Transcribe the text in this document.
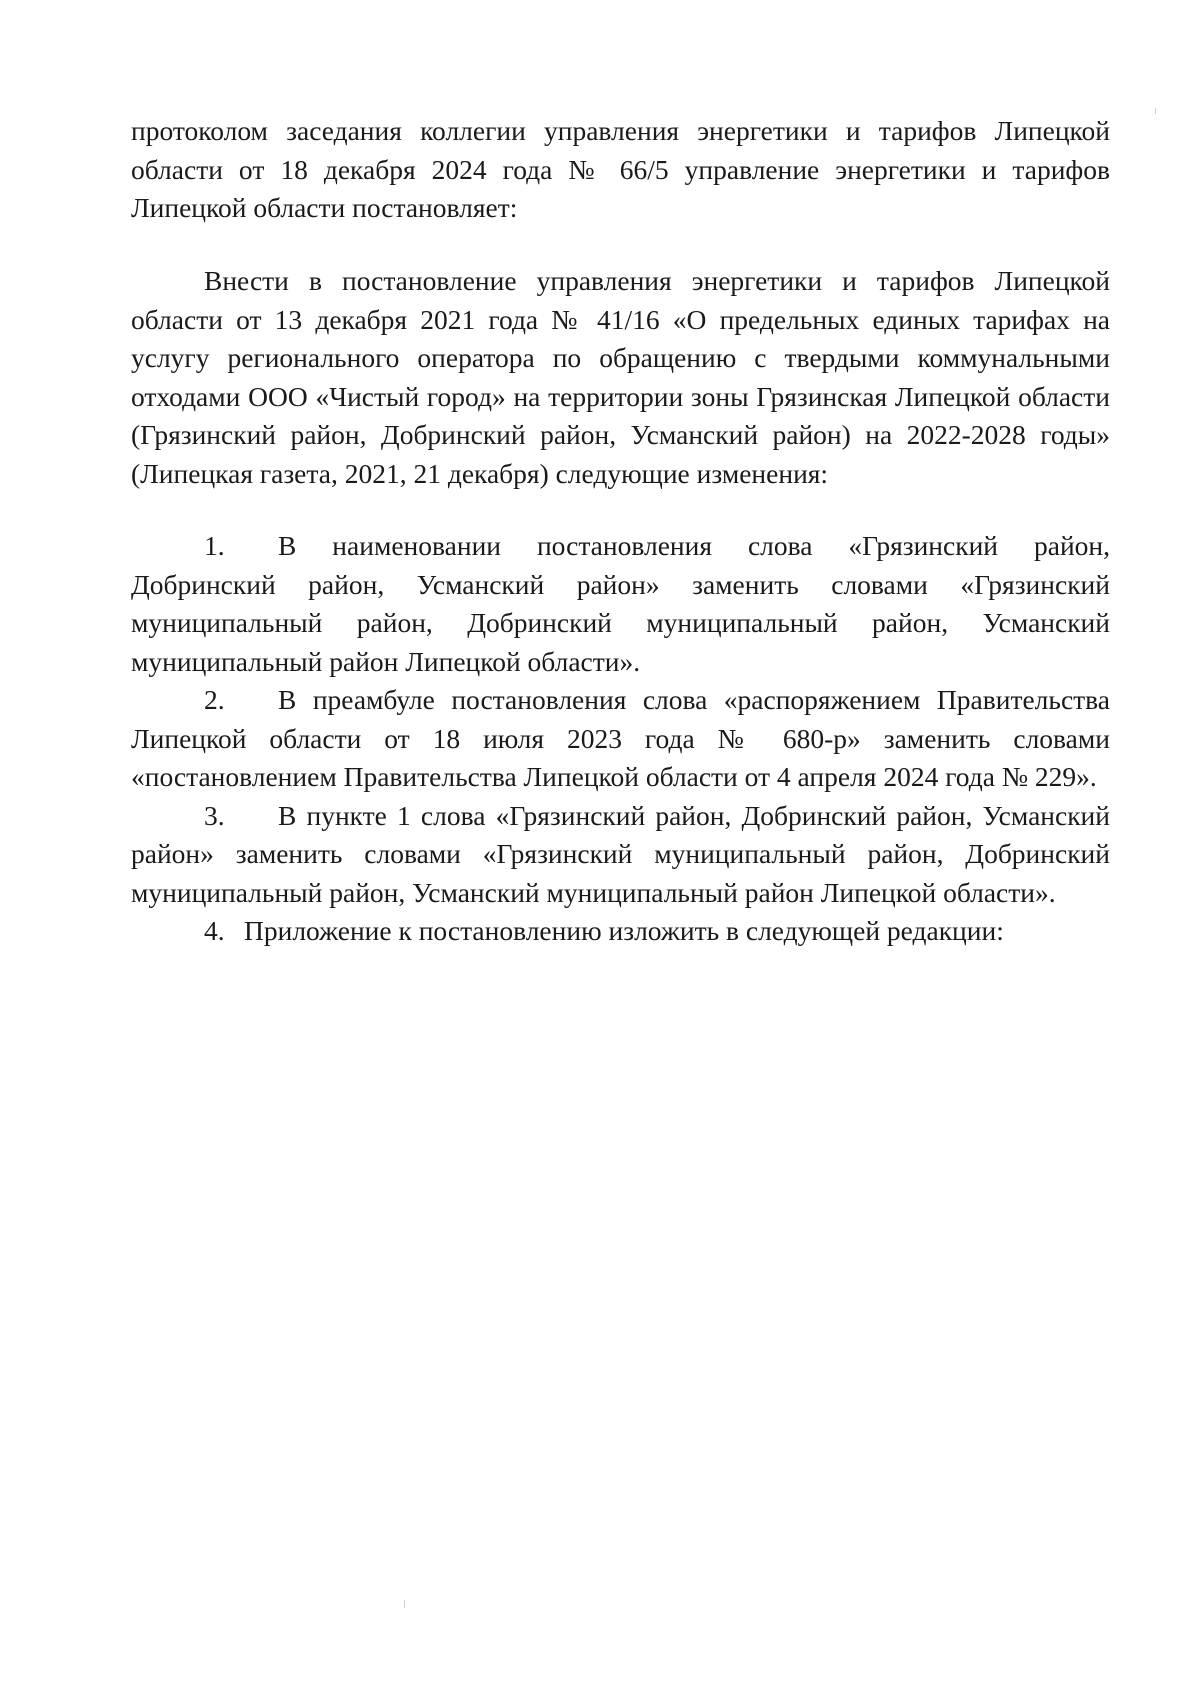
протоколом заседания коллегии управления энергетики и тарифов Липецкой области от 18 декабря 2024 года № 66/5 управление энергетики и тарифов Липецкой области постановляет:

Внести в постановление управления энергетики и тарифов Липецкой области от 13 декабря 2021 года № 41/16 «О предельных единых тарифах на услугу регионального оператора по обращению с твердыми коммунальными отходами ООО «Чистый город» на территории зоны Грязинская Липецкой области (Грязинский район, Добринский район, Усманский район) на 2022-2028 годы» (Липецкая газета, 2021, 21 декабря) следующие изменения:

1. В наименовании постановления слова «Грязинский район, Добринский район, Усманский район» заменить словами «Грязинский муниципальный район, Добринский муниципальный район, Усманский муниципальный район Липецкой области».

2. В преамбуле постановления слова «распоряжением Правительства Липецкой области от 18 июля 2023 года № 680-р» заменить словами «постановлением Правительства Липецкой области от 4 апреля 2024 года № 229».

3. В пункте 1 слова «Грязинский район, Добринский район, Усманский район» заменить словами «Грязинский муниципальный район, Добринский муниципальный район, Усманский муниципальный район Липецкой области».

4. Приложение к постановлению изложить в следующей редакции:
